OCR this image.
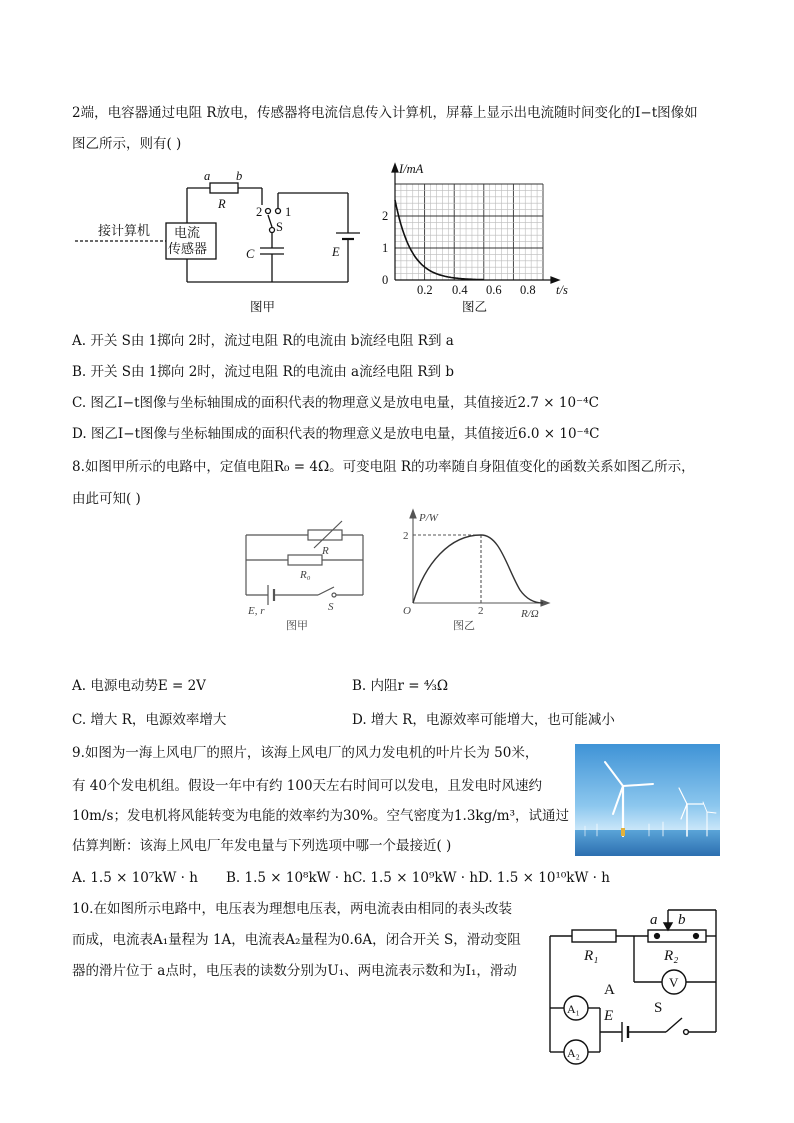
2端，电容器通过电阻 R放电，传感器将电流信息传入计算机，屏幕上显示出电流随时间变化的I−t图像如
图乙所示，则有( )
a b
R
2 1
S
C	E
接计算机 电流
传感器
图甲
I/mA
t/s
0
1
2
0.2 0.4 0.6 0.8
图乙
A. 开关 S由 1掷向 2时，流过电阻 R的电流由 b流经电阻 R到 a
B. 开关 S由 1掷向 2时，流过电阻 R的电流由 a流经电阻 R到 b
C. 图乙I−t图像与坐标轴围成的面积代表的物理意义是放电电量，其值接近2.7 × 10⁻⁴C
D. 图乙I−t图像与坐标轴围成的面积代表的物理意义是放电电量，其值接近6.0 × 10⁻⁴C
8.如图甲所示的电路中，定值电阻R₀ = 4Ω。可变电阻 R的功率随自身阻值变化的函数关系如图乙所示，
由此可知( )
R
R₀
E, r	S
图甲
P/W
2
O	2	R/Ω
图乙
A. 电源电动势E = 2V	B. 内阻r = ⁴⁄₃Ω
C. 增大 R，电源效率增大	D. 增大 R，电源效率可能增大，也可能减小
9.如图为一海上风电厂的照片，该海上风电厂的风力发电机的叶片长为 50米，
有 40个发电机组。假设一年中有约 100天左右时间可以发电，且发电时风速约
10m/s；发电机将风能转变为电能的效率约为30%。空气密度为1.3kg/m³，试通过
估算判断：该海上风电厂年发电量与下列选项中哪一个最接近( )
A. 1.5 × 10⁷kW · h B. 1.5 × 10⁸kW · h C. 1.5 × 10⁹kW · h D. 1.5 × 10¹⁰kW · h
10.在如图所示电路中，电压表为理想电压表，两电流表由相同的表头改装
而成，电流表A₁量程为 1A，电流表A₂量程为0.6A，闭合开关 S，滑动变阻
器的滑片位于 a点时，电压表的读数分别为U₁、两电流表示数和为I₁，滑动
a b
R₁	R₂
V
A
A₁
A₂
E	S
